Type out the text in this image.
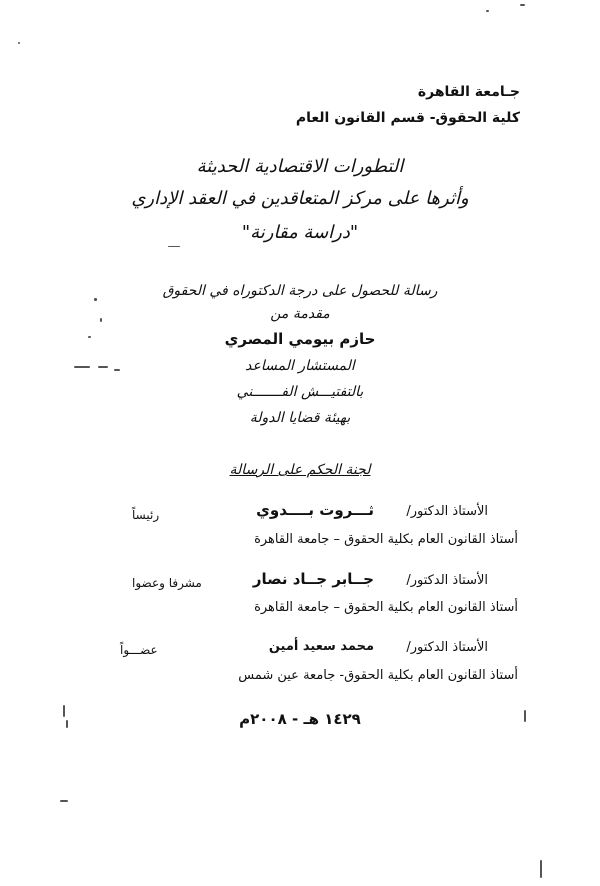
جـامعة القاهرة
كلية الحقوق- قسم القانون العام
التطورات الاقتصادية الحديثة
وأثرها على مركز المتعاقدين في العقد الإداري
"دراسة مقارنة"
رسالة للحصول على درجة الدكتوراه في الحقوق
مقدمة من
حازم بيومي المصري
المستشار المساعد
بالتفتيـــش الفـــــــني
بهيئة قضايا الدولة
لجنة الحكم على الرسالة
الأستاذ الدكتور/
ثـــروت بــــدوي
رئيساً
أستاذ القانون العام بكلية الحقوق – جامعة القاهرة
الأستاذ الدكتور/
جــابر جــاد نصار
مشرفا وعضوا
أستاذ القانون العام بكلية الحقوق – جامعة القاهرة
الأستاذ الدكتور/
محمد سعيد أمين
عضـــواً
أستاذ القانون العام بكلية الحقوق- جامعة عين شمس
١٤٢٩ هـ - ٢٠٠٨م
